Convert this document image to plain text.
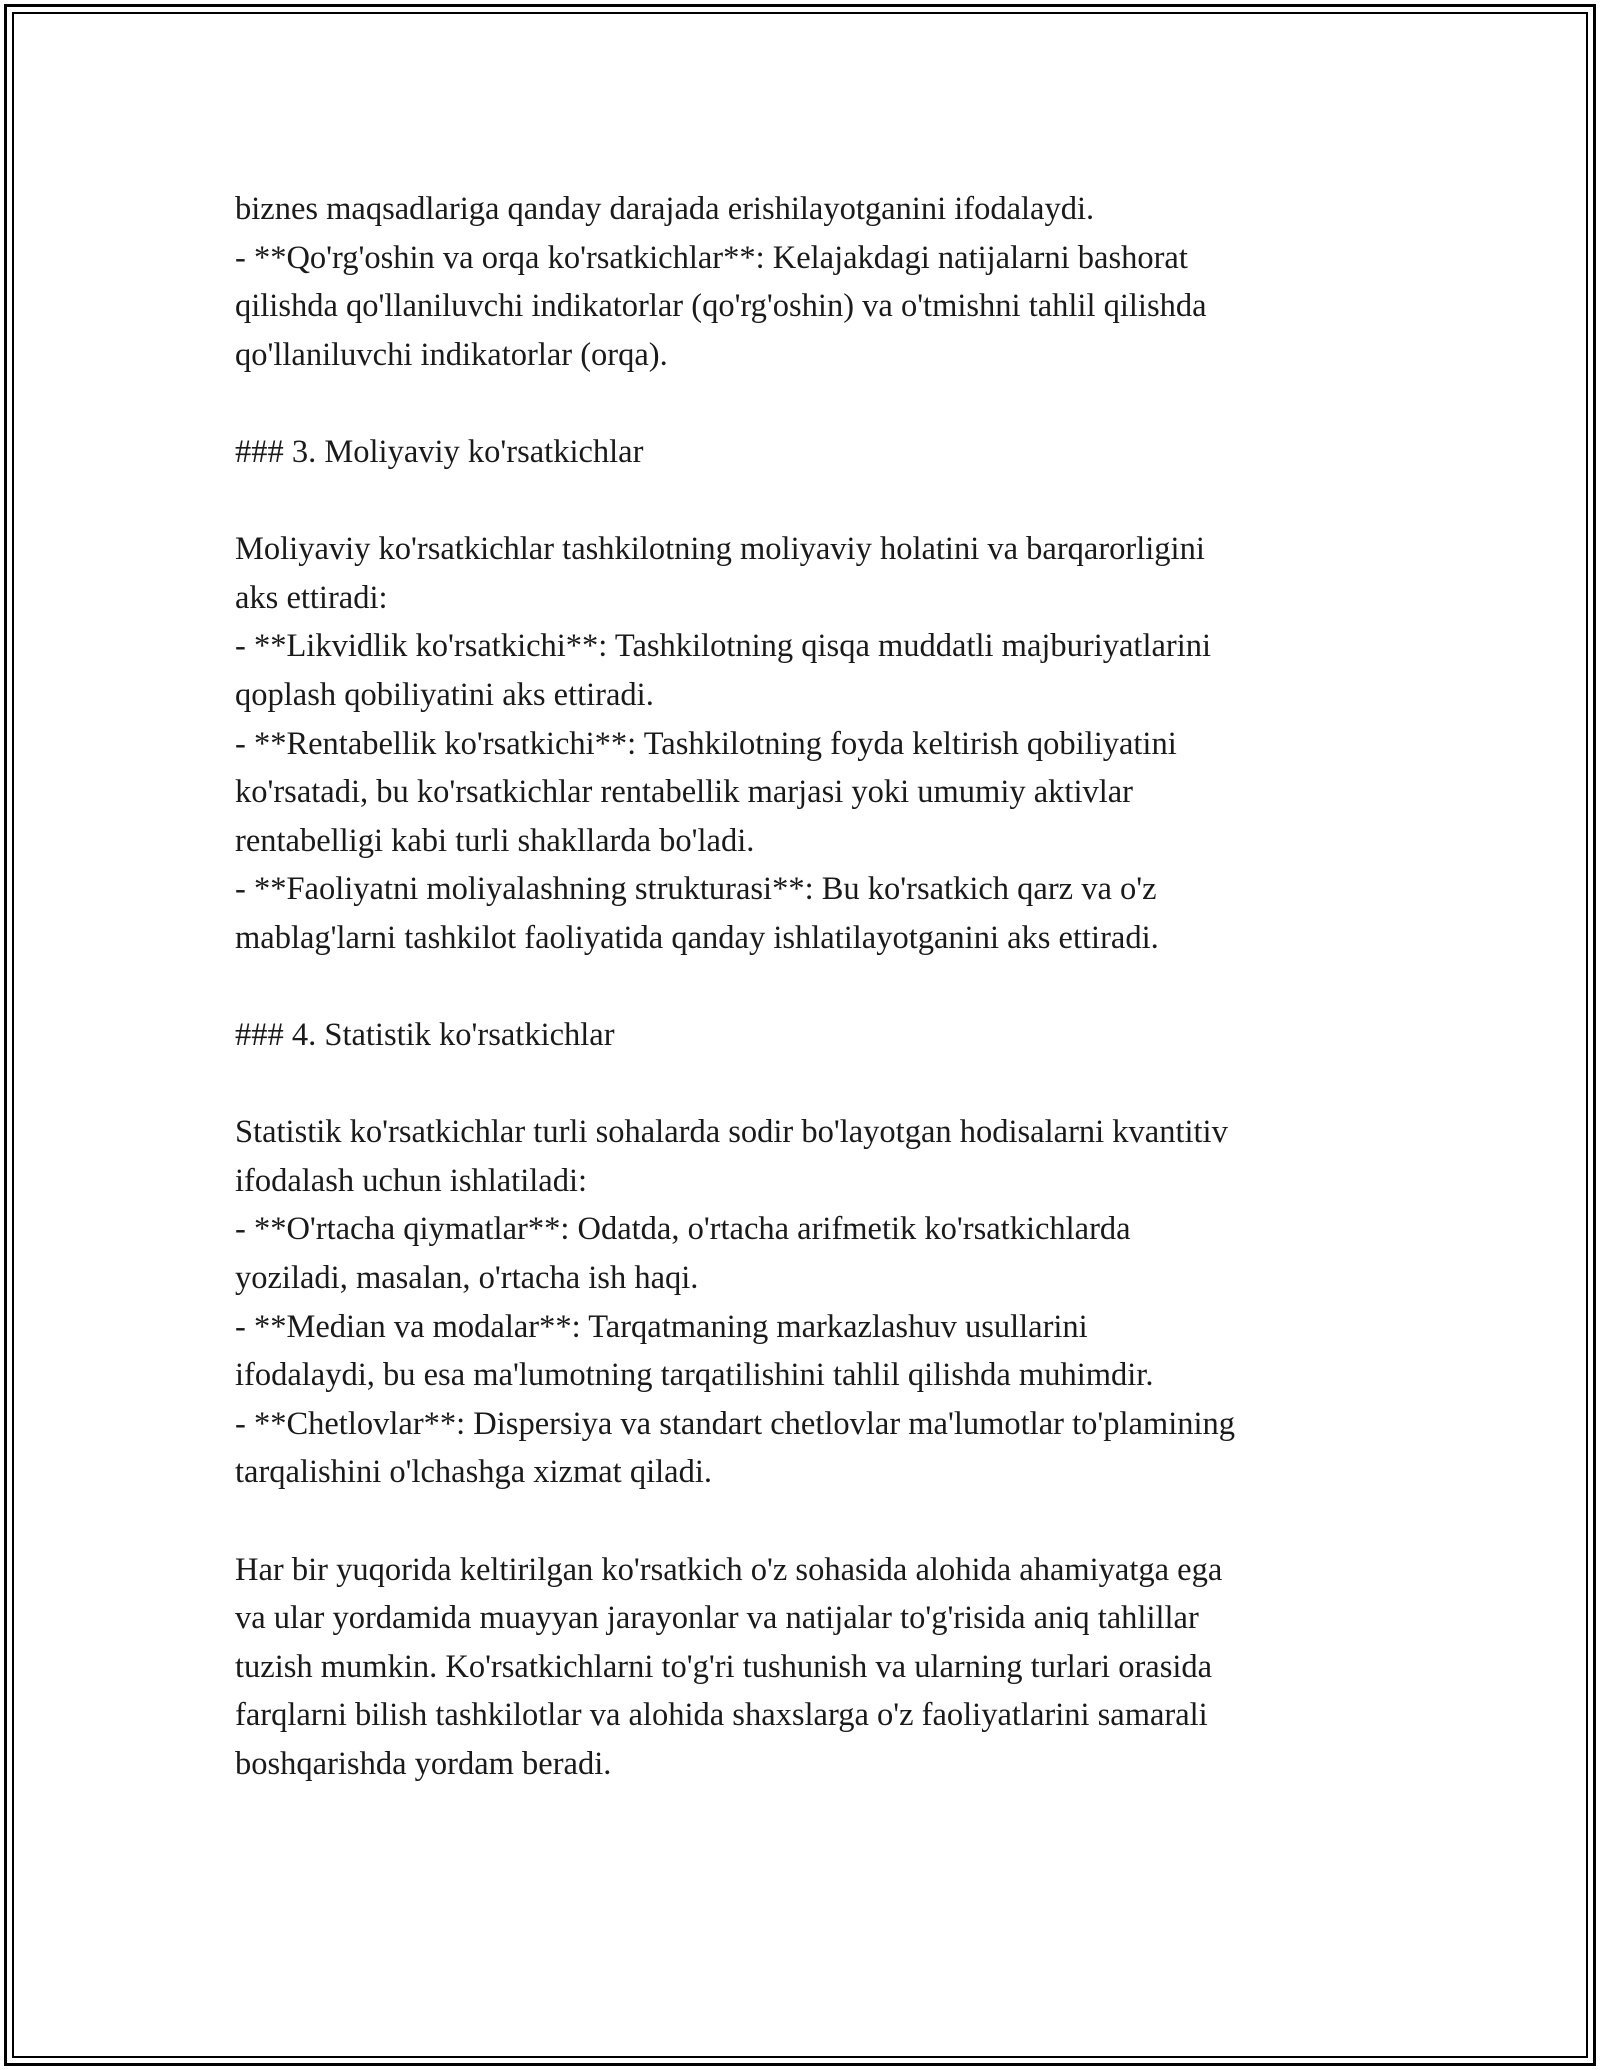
biznes maqsadlariga qanday darajada erishilayotganini ifodalaydi.

- **Qo'rg'oshin va orqa ko'rsatkichlar**: Kelajakdagi natijalarni bashorat

qilishda qo'llaniluvchi indikatorlar (qo'rg'oshin) va o'tmishni tahlil qilishda

qo'llaniluvchi indikatorlar (orqa).

### 3. Moliyaviy ko'rsatkichlar

Moliyaviy ko'rsatkichlar tashkilotning moliyaviy holatini va barqarorligini

aks ettiradi:

- **Likvidlik ko'rsatkichi**: Tashkilotning qisqa muddatli majburiyatlarini

qoplash qobiliyatini aks ettiradi.

- **Rentabellik ko'rsatkichi**: Tashkilotning foyda keltirish qobiliyatini

ko'rsatadi, bu ko'rsatkichlar rentabellik marjasi yoki umumiy aktivlar

rentabelligi kabi turli shakllarda bo'ladi.

- **Faoliyatni moliyalashning strukturasi**: Bu ko'rsatkich qarz va o'z

mablag'larni tashkilot faoliyatida qanday ishlatilayotganini aks ettiradi.

### 4. Statistik ko'rsatkichlar

Statistik ko'rsatkichlar turli sohalarda sodir bo'layotgan hodisalarni kvantitiv

ifodalash uchun ishlatiladi:

- **O'rtacha qiymatlar**: Odatda, o'rtacha arifmetik ko'rsatkichlarda

yoziladi, masalan, o'rtacha ish haqi.

- **Median va modalar**: Tarqatmaning markazlashuv usullarini

ifodalaydi, bu esa ma'lumotning tarqatilishini tahlil qilishda muhimdir.

- **Chetlovlar**: Dispersiya va standart chetlovlar ma'lumotlar to'plamining

tarqalishini o'lchashga xizmat qiladi.

Har bir yuqorida keltirilgan ko'rsatkich o'z sohasida alohida ahamiyatga ega

va ular yordamida muayyan jarayonlar va natijalar to'g'risida aniq tahlillar

tuzish mumkin. Ko'rsatkichlarni to'g'ri tushunish va ularning turlari orasida

farqlarni bilish tashkilotlar va alohida shaxslarga o'z faoliyatlarini samarali

boshqarishda yordam beradi.
